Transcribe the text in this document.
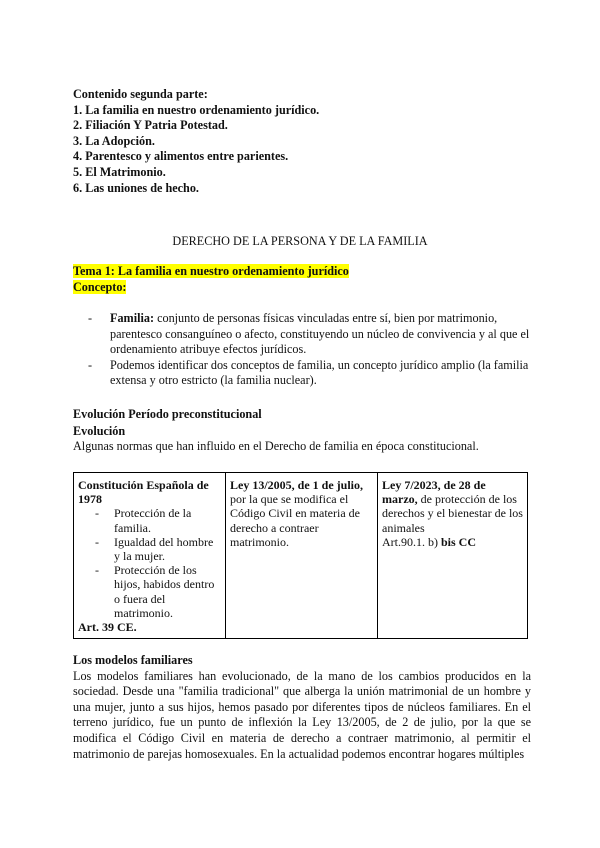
Contenido segunda parte:
1. La familia en nuestro ordenamiento jurídico.
2. Filiación Y Patria Potestad.
3. La Adopción.
4. Parentesco y alimentos entre parientes.
5. El Matrimonio.
6. Las uniones de hecho.
DERECHO DE LA PERSONA Y DE LA FAMILIA
Tema 1: La familia en nuestro ordenamiento jurídico
Concepto:
- Familia: conjunto de personas físicas vinculadas entre sí, bien por matrimonio, parentesco consanguíneo o afecto, constituyendo un núcleo de convivencia y al que el ordenamiento atribuye efectos jurídicos.
- Podemos identificar dos conceptos de familia, un concepto jurídico amplio (la familia extensa y otro estricto (la familia nuclear).
Evolución Período preconstitucional
Evolución
Algunas normas que han influido en el Derecho de familia en época constitucional.
Constitución Española de 1978
- Protección de la familia.
- Igualdad del hombre y la mujer.
- Protección de los hijos, habidos dentro o fuera del matrimonio.
Art. 39 CE.

Ley 13/2005, de 1 de julio,
por la que se modifica el Código Civil en materia de derecho a contraer matrimonio.

Ley 7/2023, de 28 de marzo, de protección de los derechos y el bienestar de los animales
Art.90.1. b) bis CC
Los modelos familiares
Los modelos familiares han evolucionado, de la mano de los cambios producidos en la sociedad. Desde una "familia tradicional" que alberga la unión matrimonial de un hombre y una mujer, junto a sus hijos, hemos pasado por diferentes tipos de núcleos familiares. En el terreno jurídico, fue un punto de inflexión la Ley 13/2005, de 2 de julio, por la que se modifica el Código Civil en materia de derecho a contraer matrimonio, al permitir el matrimonio de parejas homosexuales. En la actualidad podemos encontrar hogares múltiples
